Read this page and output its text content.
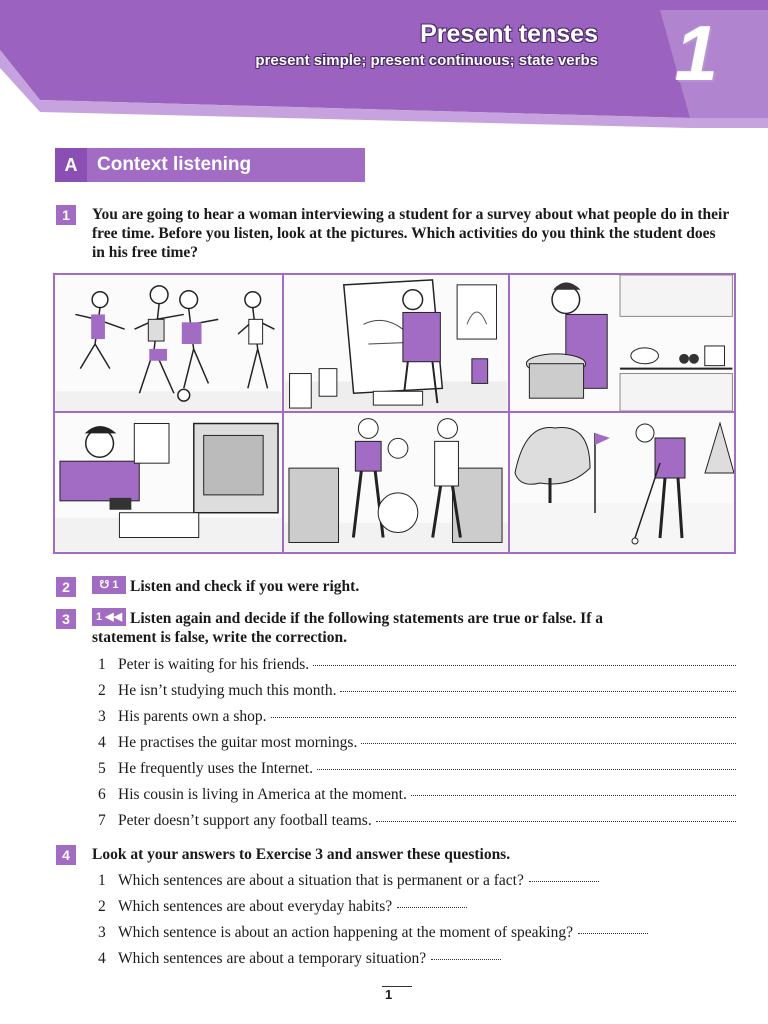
Present tenses
present simple; present continuous; state verbs 1
A	Context listening
1	You are going to hear a woman interviewing a student for a survey about what people do in their free time. Before you listen, look at the pictures. Which activities do you think the student does in his free time?
2	☋
1 Listen and check if you were right.
3	1
◀◀ Listen again and decide if the following statements are true or false. If a statement is false, write the correction.
1 Peter is waiting for his friends.
2 He isn’t studying much this month.
3 His parents own a shop.
4 He practises the guitar most mornings.
5 He frequently uses the Internet.
6 His cousin is living in America at the moment.
7 Peter doesn’t support any football teams.
4	Look at your answers to Exercise 3 and answer these questions.
1 Which sentences are about a situation that is permanent or a fact?
2 Which sentences are about everyday habits?
3 Which sentence is about an action happening at the moment of speaking?
4 Which sentences are about a temporary situation?
1
